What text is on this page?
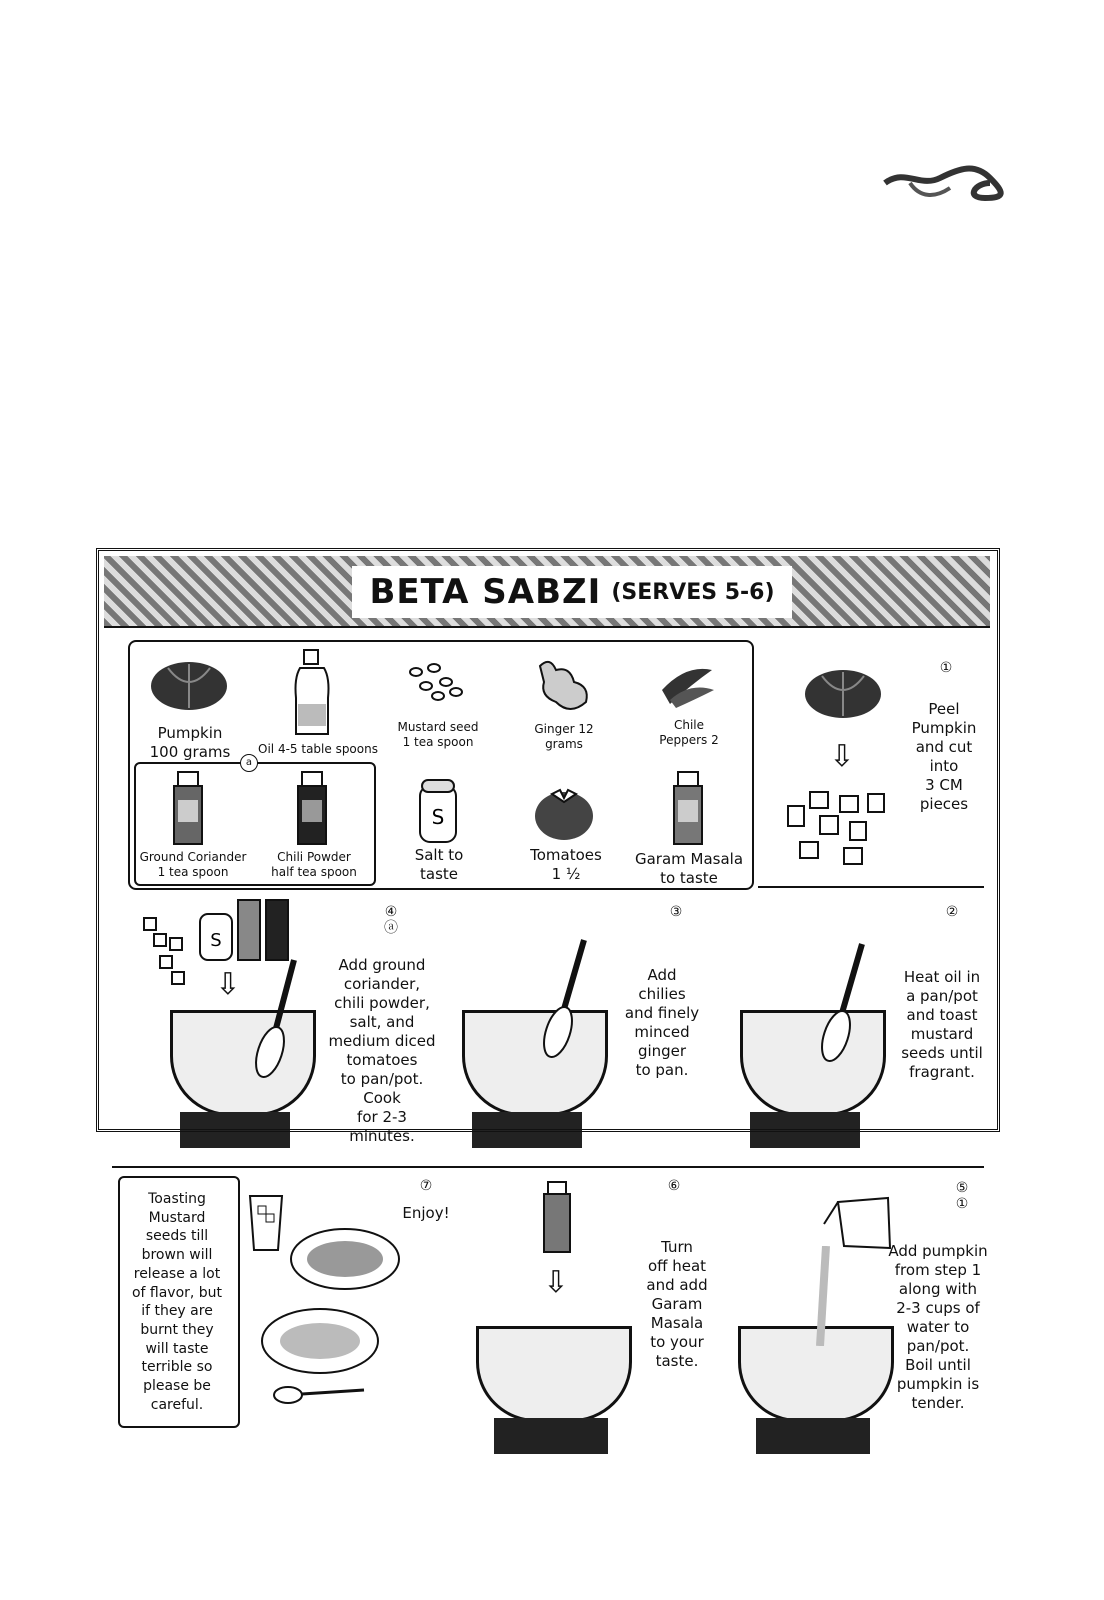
BETA SABZI (SERVES 5-6)
a
Pumpkin
100 grams	Oil 4-5 table spoons
Mustard seed
1 tea spoon
Ginger 12
grams
Chile
Peppers 2
S
Ground Coriander
1 tea spoon
Chili Powder
half tea spoon
Salt to
taste
Tomatoes
1 ½
Garam Masala
to taste
①
⇩
Peel
Pumpkin
and cut
into
3 CM
pieces
④
ⓐ
③	②
S
⇩
Add ground
coriander,
chili powder,
salt, and
medium diced
tomatoes
to pan/pot.
Cook
for 2-3
minutes.
Add
chilies
and finely
minced
ginger
to pan.
Heat oil in
a pan/pot
and toast
mustard
seeds until
fragrant.
Toasting
Mustard
seeds till
brown will
release a lot
of flavor, but
if they are
burnt they
will taste
terrible so
please be
careful.
⑦
Enjoy!
⑥
⇩
Turn
off heat
and add
Garam
Masala
to your
taste.
⑤
①
Add pumpkin
from step 1
along with
2-3 cups of
water to
pan/pot.
Boil until
pumpkin is
tender.
